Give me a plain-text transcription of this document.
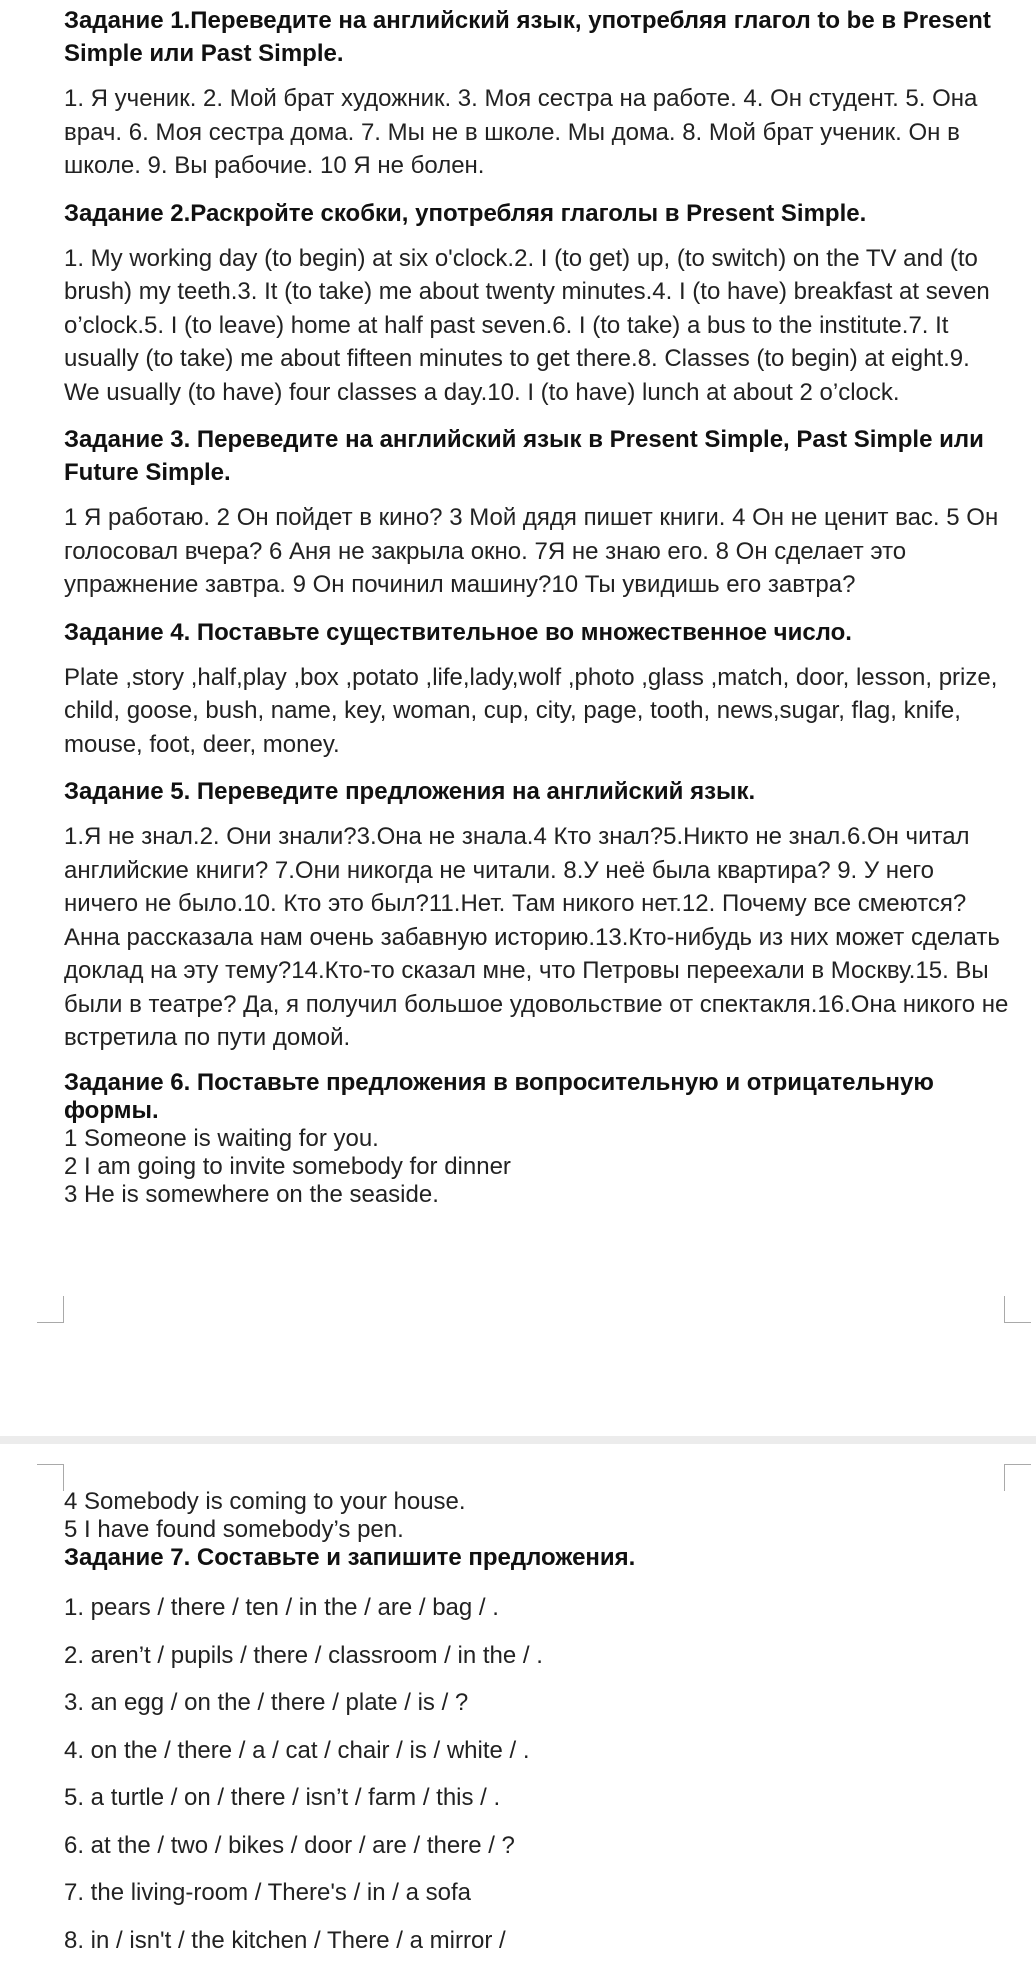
Задание 1.Переведите на английский язык, употребляя глагол to be в Present Simple или Past Simple.
1. Я ученик. 2. Мой брат художник. 3. Моя сестра на работе. 4. Он студент. 5. Она врач. 6. Моя сестра дома. 7. Мы не в школе. Мы дома. 8. Мой брат ученик. Он в школе. 9. Вы рабочие. 10 Я не болен.
Задание 2.Раскройте скобки, употребляя глаголы в Present Simple.
1. My working day (to begin) at six o'clock.2. I (to get) up, (to switch) on the TV and (to brush) my teeth.3. It (to take) me about twenty minutes.4. I (to have) breakfast at seven o’clock.5. I (to leave) home at half past seven.6. I (to take) a bus to the institute.7. It usually (to take) me about fifteen minutes to get there.8. Classes (to begin) at eight.9. We usually (to have) four classes a day.10. I (to have) lunch at about 2 o’clock.
Задание 3. Переведите на английский язык в Present Simple, Past Simple или Future Simple.
1 Я работаю. 2 Он пойдет в кино? 3 Мой дядя пишет книги. 4 Он не ценит вас. 5 Он голосовал вчера? 6 Аня не закрыла окно. 7Я не знаю его. 8 Он сделает это упражнение завтра. 9 Он починил машину?10 Ты увидишь его завтра?
Задание 4. Поставьте существительное во множественное число.
Plate ,story ,half,play ,box ,potato ,life,lady,wolf ,photo ,glass ,match, door, lesson, prize, child, goose, bush, name, key, woman, cup, city, page, tooth, news,sugar, flag, knife, mouse, foot, deer, money.
Задание 5. Переведите предложения на английский язык.
1.Я не знал.2. Они знали?3.Она не знала.4 Кто знал?5.Никто не знал.6.Он читал английские книги? 7.Они никогда не читали. 8.У неё была квартира? 9. У него ничего не было.10. Кто это был?11.Нет. Там никого нет.12. Почему все смеются? Анна рассказала нам очень забавную историю.13.Кто-нибудь из них может сделать доклад на эту тему?14.Кто-то сказал мне, что Петровы переехали в Москву.15. Вы были в театре? Да, я получил большое удовольствие от спектакля.16.Она никого не встретила по пути домой.
Задание 6. Поставьте предложения в вопросительную и отрицательную формы.
1 Someone is waiting for you.
2 I am going to invite somebody for dinner
3 He is somewhere on the seaside.
4 Somebody is coming to your house.
5 I have found somebody’s pen.
Задание 7. Составьте и запишите предложения.
1. pears / there / ten / in the / are / bag / .
2. aren’t / pupils / there / classroom / in the / .
3. an egg / on the / there / plate / is / ?
4. on the / there / a / cat / chair / is / white / .
5. a turtle / on / there / isn’t / farm / this / .
6. at the / two / bikes / door / are / there / ?
7. the living-room / There's / in / a sofa
8. in / isn't / the kitchen / There / a mirror /
